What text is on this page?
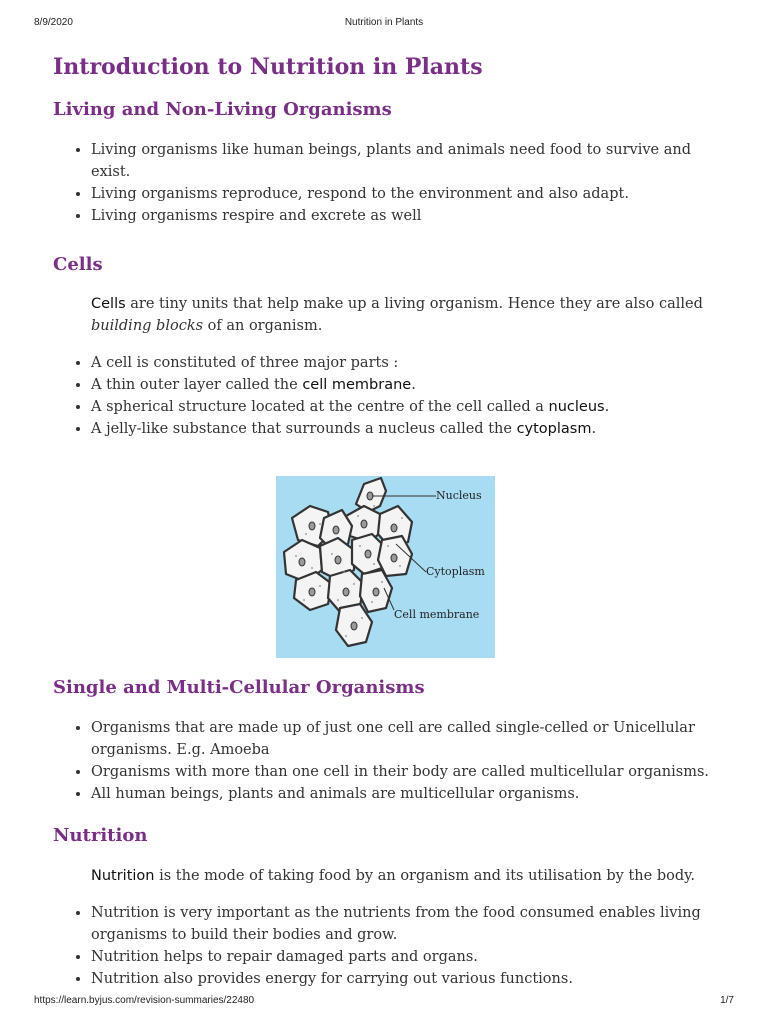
8/9/2020	Nutrition in Plants
Introduction to Nutrition in Plants
Living and Non-Living Organisms
• Living organisms like human beings, plants and animals need food to survive and exist.
• Living organisms reproduce, respond to the environment and also adapt.
• Living organisms respire and excrete as well
Cells

Cells are tiny units that help make up a living organism. Hence they are also called building blocks of an organism.

• A cell is constituted of three major parts :
• A thin outer layer called the cell membrane.
• A spherical structure located at the centre of the cell called a nucleus.
• A jelly-like substance that surrounds a nucleus called the cytoplasm.
Nucleus
Cytoplasm
Cell membrane
Single and Multi-Cellular Organisms
• Organisms that are made up of just one cell are called single-celled or Unicellular organisms. E.g. Amoeba
• Organisms with more than one cell in their body are called multicellular organisms.
• All human beings, plants and animals are multicellular organisms.
Nutrition

Nutrition is the mode of taking food by an organism and its utilisation by the body.

• Nutrition is very important as the nutrients from the food consumed enables living organisms to build their bodies and grow.
• Nutrition helps to repair damaged parts and organs.
• Nutrition also provides energy for carrying out various functions.
https://learn.byjus.com/revision-summaries/22480	1/7
